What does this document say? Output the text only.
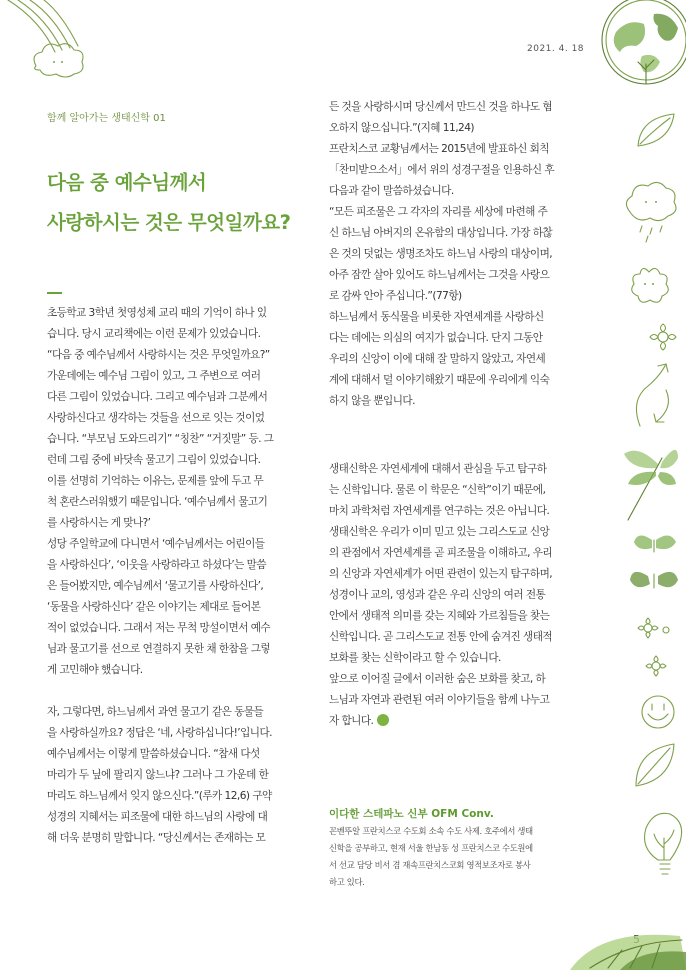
2021. 4. 18
함께 알아가는 생태신학 01
다음 중 예수님께서
사랑하시는 것은 무엇일까요?

초등학교 3학년 첫영성체 교리 때의 기억이 하나 있
습니다. 당시 교리책에는 이런 문제가 있었습니다.
“다음 중 예수님께서 사랑하시는 것은 무엇일까요?”
가운데에는 예수님 그림이 있고, 그 주변으로 여러
다른 그림이 있었습니다. 그리고 예수님과 그분께서
사랑하신다고 생각하는 것들을 선으로 잇는 것이었
습니다. “부모님 도와드리기” “칭찬” “거짓말” 등. 그
런데 그림 중에 바닷속 물고기 그림이 있었습니다.
이를 선명히 기억하는 이유는, 문제를 앞에 두고 무
척 혼란스러워했기 때문입니다. ‘예수님께서 물고기
를 사랑하시는 게 맞나?’
성당 주일학교에 다니면서 ‘예수님께서는 어린이들
을 사랑하신다’, ‘이웃을 사랑하라고 하셨다’는 말씀
은 들어봤지만, 예수님께서 ‘물고기를 사랑하신다’,
‘동물을 사랑하신다’ 같은 이야기는 제대로 들어본
적이 없었습니다. 그래서 저는 무척 망설이면서 예수
님과 물고기를 선으로 연결하지 못한 채 한참을 그렇
게 고민해야 했습니다.

자, 그렇다면, 하느님께서 과연 물고기 같은 동물들
을 사랑하실까요? 정답은 ‘네, 사랑하십니다!’입니다.
예수님께서는 이렇게 말씀하셨습니다. “참새 다섯
마리가 두 닢에 팔리지 않느냐? 그러나 그 가운데 한
마리도 하느님께서 잊지 않으신다.”(루카 12,6) 구약
성경의 지혜서는 피조물에 대한 하느님의 사랑에 대
해 더욱 분명히 말합니다. “당신께서는 존재하는 모

든 것을 사랑하시며 당신께서 만드신 것을 하나도 혐
오하지 않으십니다.”(지혜 11,24)
프란치스코 교황님께서는 2015년에 발표하신 회칙
「찬미받으소서」에서 위의 성경구절을 인용하신 후
다음과 같이 말씀하셨습니다.
“모든 피조물은 그 각자의 자리를 세상에 마련해 주
신 하느님 아버지의 온유함의 대상입니다. 가장 하찮
은 것의 덧없는 생명조차도 하느님 사랑의 대상이며,
아주 잠깐 살아 있어도 하느님께서는 그것을 사랑으
로 감싸 안아 주십니다.”(77항)
하느님께서 동식물을 비롯한 자연세계를 사랑하신
다는 데에는 의심의 여지가 없습니다. 단지 그동안
우리의 신앙이 이에 대해 잘 말하지 않았고, 자연세
계에 대해서 덜 이야기해왔기 때문에 우리에게 익숙
하지 않을 뿐입니다.

생태신학은 자연세계에 대해서 관심을 두고 탐구하
는 신학입니다. 물론 이 학문은 “신학”이기 때문에,
마치 과학처럼 자연세계를 연구하는 것은 아닙니다.
생태신학은 우리가 이미 믿고 있는 그리스도교 신앙
의 관점에서 자연세계를 곧 피조물을 이해하고, 우리
의 신앙과 자연세계가 어떤 관련이 있는지 탐구하며,
성경이나 교의, 영성과 같은 우리 신앙의 여러 전통
안에서 생태적 의미를 갖는 지혜와 가르침들을 찾는
신학입니다. 곧 그리스도교 전통 안에 숨겨진 생태적
보화를 찾는 신학이라고 할 수 있습니다.
앞으로 이어질 글에서 이러한 숨은 보화를 찾고, 하
느님과 자연과 관련된 여러 이야기들을 함께 나누고
자 합니다.

이다한 스테파노 신부 OFM Conv.
꼰벤뚜알 프란치스코 수도회 소속 수도 사제. 호주에서 생태
신학을 공부하고, 현재 서울 한남동 성 프란치스코 수도원에
서 선교 담당 비서 겸 재속프란치스코회 영적보조자로 봉사
하고 있다.
